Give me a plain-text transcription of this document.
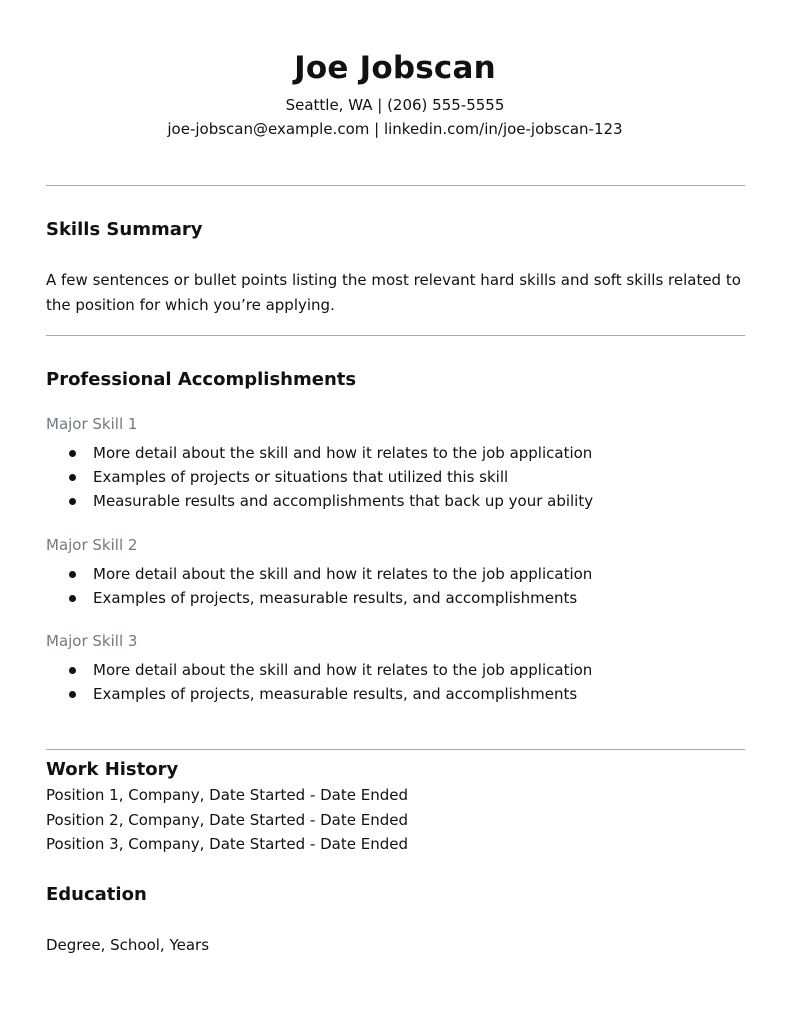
Joe Jobscan

Seattle, WA | (206) 555-5555

joe-jobscan@example.com | linkedin.com/in/joe-jobscan-123

Skills Summary

A few sentences or bullet points listing the most relevant hard skills and soft skills related to the position for which you’re applying.

Professional Accomplishments

Major Skill 1

More detail about the skill and how it relates to the job application
Examples of projects or situations that utilized this skill
Measurable results and accomplishments that back up your ability

Major Skill 2

More detail about the skill and how it relates to the job application
Examples of projects, measurable results, and accomplishments

Major Skill 3

More detail about the skill and how it relates to the job application
Examples of projects, measurable results, and accomplishments
Work History
Position 1, Company, Date Started - Date Ended
Position 2, Company, Date Started - Date Ended
Position 3, Company, Date Started - Date Ended
Education
Degree, School, Years
